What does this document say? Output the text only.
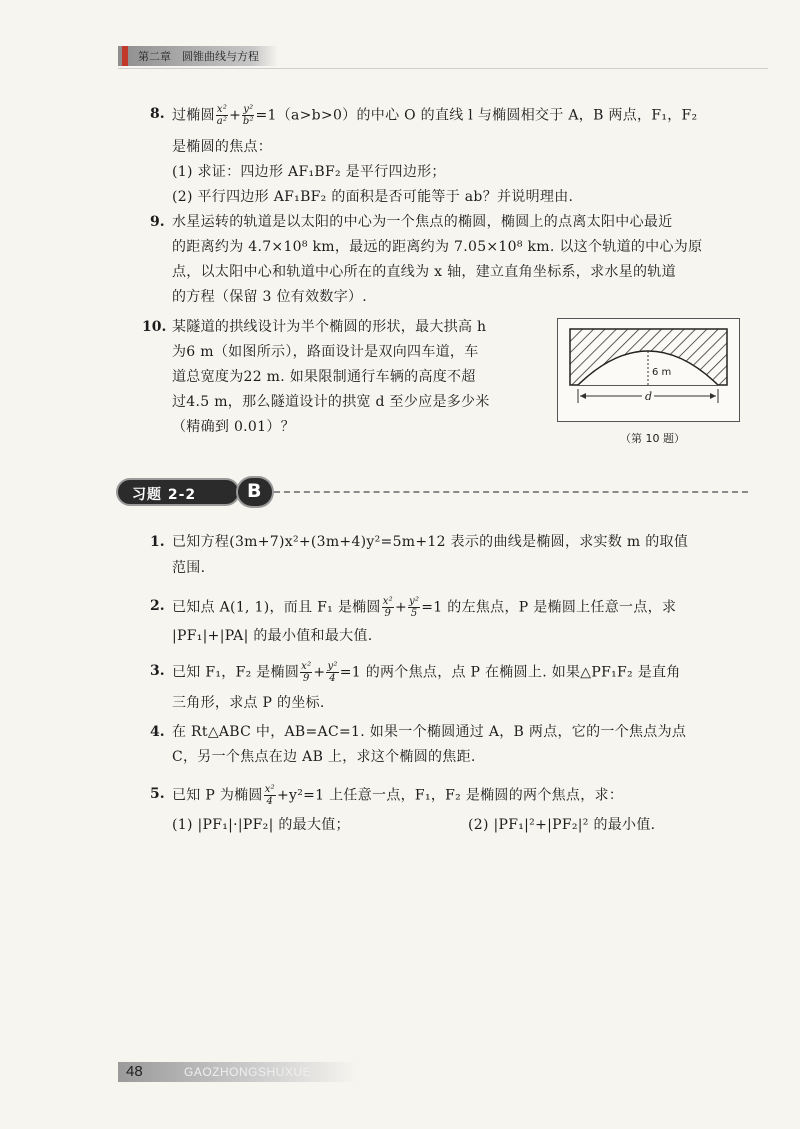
第二章　圆锥曲线与方程
8. 过椭圆 $\frac{\text{x²}}{\text{a²}} + \frac{\text{y²}}{\text{b²}} =1(a>b>0)$的中心 O 的直线 l 与椭圆相交于 A，B 两点，F₁，F₂
是椭圆的焦点：
(1) 求证：四边形 AF₁BF₂ 是平行四边形；
(2) 平行四边形 AF₁BF₂ 的面积是否可能等于 ab？并说明理由.
9. 水星运转的轨道是以太阳的中心为一个焦点的椭圆，椭圆上的点离太阳中心最近
的距离约为 4.7×10⁸ km，最远的距离约为 7.05×10⁸ km. 以这个轨道的中心为原
点，以太阳中心和轨道中心所在的直线为 x 轴，建立直角坐标系，求水星的轨道
的方程（保留 3 位有效数字）.
10. 某隧道的拱线设计为半个椭圆的形状，最大拱高 h
为6 m（如图所示），路面设计是双向四车道，车
道总宽度为22 m. 如果限制通行车辆的高度不超
过4.5 m，那么隧道设计的拱宽 d 至少应是多少米
（精确到 0.01）？
6 m
d
（第 10 题）
习题 2-2	B
1. 已知方程(3m+7)x²+(3m+4)y²=5m+12 表示的曲线是椭圆，求实数 m 的取值
范围.
2. 已知点 A(1, 1)，而且 F₁ 是椭圆 $\frac{\text{x²}}{9} + \frac{\text{y²}}{5} =1$ 的左焦点，P 是椭圆上任意一点，求
|PF₁|+|PA| 的最小值和最大值.
3. 已知 F₁，F₂ 是椭圆 $\frac{\text{x²}}{9} + \frac{\text{y²}}{4} =1$ 的两个焦点，点 P 在椭圆上. 如果△PF₁F₂ 是直角
三角形，求点 P 的坐标.
4. 在 Rt△ABC 中，AB=AC=1. 如果一个椭圆通过 A，B 两点，它的一个焦点为点
C，另一个焦点在边 AB 上，求这个椭圆的焦距.
5. 已知 P 为椭圆 $\frac{\text{x²}}{4} +y^2=1$ 上任意一点，F₁，F₂ 是椭圆的两个焦点，求：
(1) |PF₁|·|PF₂| 的最大值；	(2) |PF₁|²+|PF₂|² 的最小值.
48	GAOZHONGSHUXUE
